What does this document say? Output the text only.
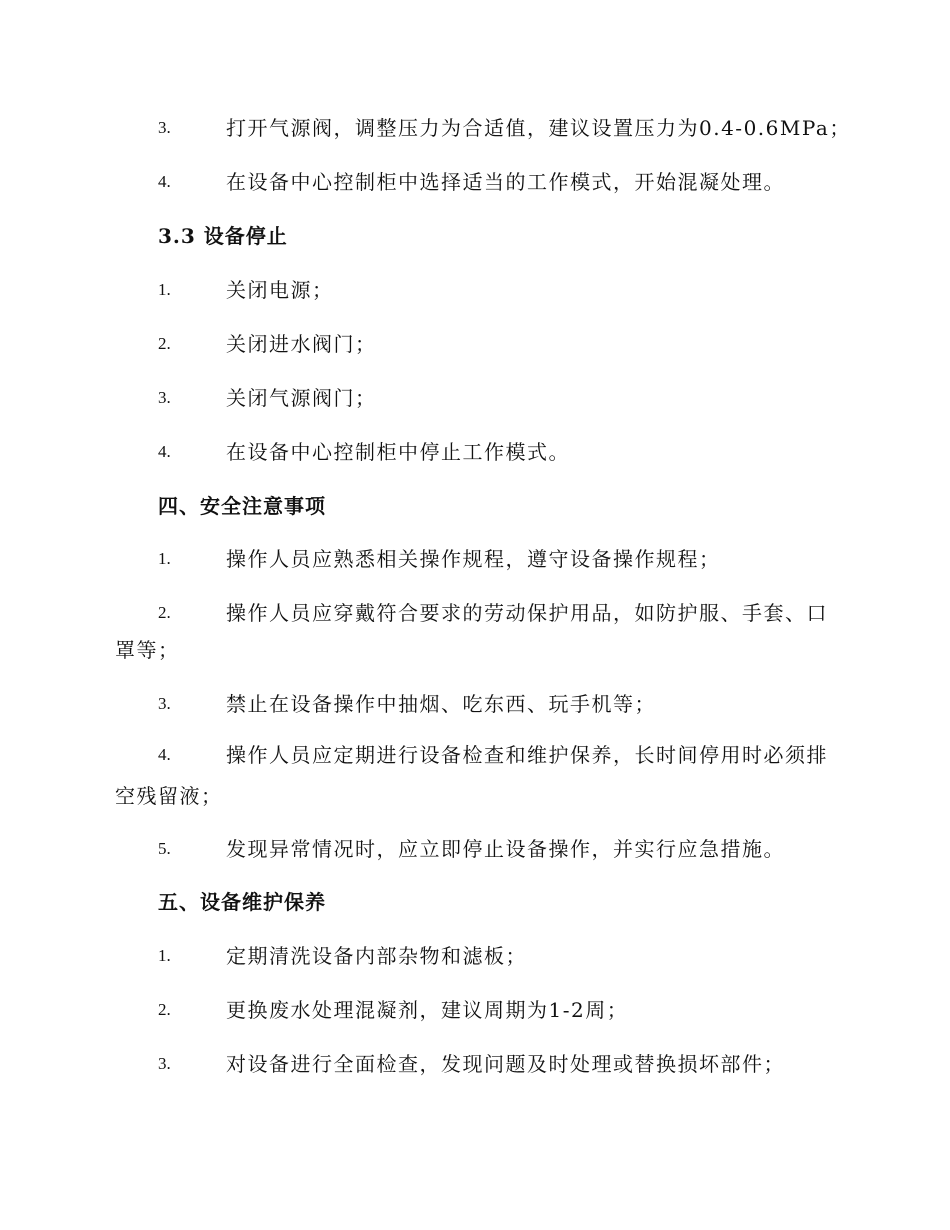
3.	打开气源阀，调整压力为合适值，建议设置压力为0.4-0.6MPa；
4.	在设备中心控制柜中选择适当的工作模式，开始混凝处理。
3.3 设备停止
1.	关闭电源；
2.	关闭进水阀门；
3.	关闭气源阀门；
4.	在设备中心控制柜中停止工作模式。
四、安全注意事项
1.	操作人员应熟悉相关操作规程，遵守设备操作规程；
2.	操作人员应穿戴符合要求的劳动保护用品，如防护服、手套、口
罩等；
3.	禁止在设备操作中抽烟、吃东西、玩手机等；
4.	操作人员应定期进行设备检查和维护保养，长时间停用时必须排
空残留液；
5.	发现异常情况时，应立即停止设备操作，并实行应急措施。
五、设备维护保养
1.	定期清洗设备内部杂物和滤板；
2.	更换废水处理混凝剂，建议周期为1-2周；
3.	对设备进行全面检查，发现问题及时处理或替换损坏部件；
